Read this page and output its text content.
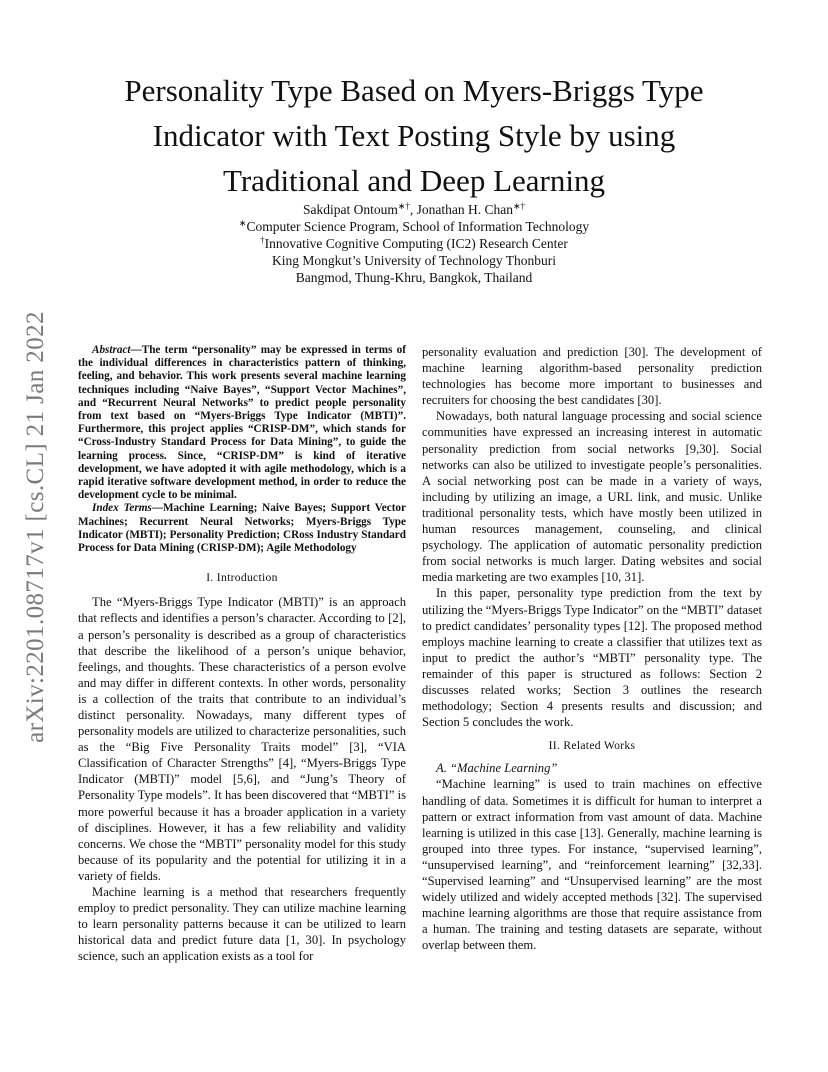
Personality Type Based on Myers-Briggs Type
Indicator with Text Posting Style by using
Traditional and Deep Learning
Sakdipat Ontoum∗†, Jonathan H. Chan∗†
∗Computer Science Program, School of Information Technology
†Innovative Cognitive Computing (IC2) Research Center
King Mongkut’s University of Technology Thonburi
Bangmod, Thung-Khru, Bangkok, Thailand
arXiv:2201.08717v1 [cs.CL] 21 Jan 2022	Abstract—The term “personality” may be expressed in terms of the individual differences in characteristics pattern of thinking, feeling, and behavior. This work presents several machine learning techniques including “Naive Bayes”, “Support Vector Machines”, and “Recurrent Neural Networks” to predict people personality from text based on “Myers-Briggs Type Indicator (MBTI)”. Furthermore, this project applies “CRISP-DM”, which stands for “Cross-Industry Standard Process for Data Mining”, to guide the learning process. Since, “CRISP-DM” is kind of iterative development, we have adopted it with agile methodology, which is a rapid iterative software development method, in order to reduce the development cycle to be minimal.

Index Terms—Machine Learning; Naive Bayes; Support Vector Machines; Recurrent Neural Networks; Myers-Briggs Type Indicator (MBTI); Personality Prediction; CRoss Industry Standard Process for Data Mining (CRISP-DM); Agile Methodology

I. Introduction

The “Myers-Briggs Type Indicator (MBTI)” is an approach that reflects and identifies a person’s character. According to [2], a person’s personality is described as a group of characteristics that describe the likelihood of a person’s unique behavior, feelings, and thoughts. These characteristics of a person evolve and may differ in different contexts. In other words, personality is a collection of the traits that contribute to an individual’s distinct personality. Nowadays, many different types of personality models are utilized to characterize personalities, such as the “Big Five Personality Traits model” [3], “VIA Classification of Character Strengths” [4], “Myers-Briggs Type Indicator (MBTI)” model [5,6], and “Jung’s Theory of Personality Type models”. It has been discovered that “MBTI” is more powerful because it has a broader application in a variety of disciplines. However, it has a few reliability and validity concerns. We chose the “MBTI” personality model for this study because of its popularity and the potential for utilizing it in a variety of fields.

Machine learning is a method that researchers frequently employ to predict personality. They can utilize machine learning to learn personality patterns because it can be utilized to learn historical data and predict future data [1, 30]. In psychology science, such an application exists as a tool for

personality evaluation and prediction [30]. The development of machine learning algorithm-based personality prediction technologies has become more important to businesses and recruiters for choosing the best candidates [30].

Nowadays, both natural language processing and social science communities have expressed an increasing interest in automatic personality prediction from social networks [9,30]. Social networks can also be utilized to investigate people’s personalities. A social networking post can be made in a variety of ways, including by utilizing an image, a URL link, and music. Unlike traditional personality tests, which have mostly been utilized in human resources management, counseling, and clinical psychology. The application of automatic personality prediction from social networks is much larger. Dating websites and social media marketing are two examples [10, 31].

In this paper, personality type prediction from the text by utilizing the “Myers-Briggs Type Indicator” on the “MBTI” dataset to predict candidates’ personality types [12]. The proposed method employs machine learning to create a classifier that utilizes text as input to predict the author’s “MBTI” personality type. The remainder of this paper is structured as follows: Section 2 discusses related works; Section 3 outlines the research methodology; Section 4 presents results and discussion; and Section 5 concludes the work.

II. Related Works

A. “Machine Learning”

“Machine learning” is used to train machines on effective handling of data. Sometimes it is difficult for human to interpret a pattern or extract information from vast amount of data. Machine learning is utilized in this case [13]. Generally, machine learning is grouped into three types. For instance, “supervised learning”, “unsupervised learning”, and “reinforcement learning” [32,33]. “Supervised learning” and “Unsupervised learning” are the most widely utilized and widely accepted methods [32]. The supervised machine learning algorithms are those that require assistance from a human. The training and testing datasets are separate, without overlap between them.
